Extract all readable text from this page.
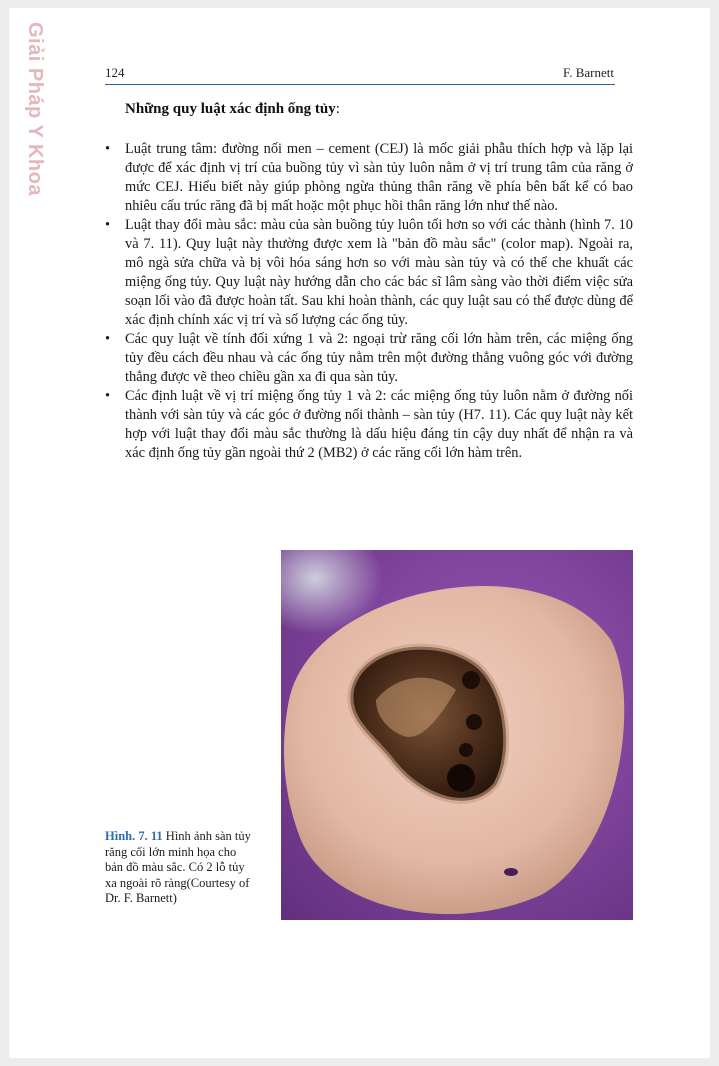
Giải Pháp Y Khoa	124	F. Barnett
Những quy luật xác định ống tủy:
• Luật trung tâm: đường nối men – cement (CEJ) là mốc giải phẫu thích hợp và lặp lại được để xác định vị trí của buồng tủy vì sàn tủy luôn nằm ở vị trí trung tâm của răng ở mức CEJ. Hiểu biết này giúp phòng ngừa thủng thân răng về phía bên bất kể có bao nhiêu cấu trúc răng đã bị mất hoặc một phục hồi thân răng lớn như thế nào.
• Luật thay đổi màu sắc: màu của sàn buồng tủy luôn tối hơn so với các thành (hình 7. 10 và 7. 11). Quy luật này thường được xem là "bản đồ màu sắc" (color map). Ngoài ra, mô ngà sửa chữa và bị vôi hóa sáng hơn so với màu sàn tủy và có thể che khuất các miệng ống tủy. Quy luật này hướng dẫn cho các bác sĩ lâm sàng vào thời điểm việc sửa soạn lối vào đã được hoàn tất. Sau khi hoàn thành, các quy luật sau có thể được dùng để xác định chính xác vị trí và số lượng các ống tủy.
• Các quy luật về tính đối xứng 1 và 2: ngoại trừ răng cối lớn hàm trên, các miệng ống tủy đều cách đều nhau và các ống tủy nằm trên một đường thẳng vuông góc với đường thẳng được vẽ theo chiều gần xa đi qua sàn tủy.
• Các định luật về vị trí miệng ống tủy 1 và 2: các miệng ống tủy luôn nằm ở đường nối thành với sàn tủy và các góc ở đường nối thành – sàn tủy (H7. 11). Các quy luật này kết hợp với luật thay đổi màu sắc thường là dấu hiệu đáng tin cậy duy nhất để nhận ra và xác định ống tủy gần ngoài thứ 2 (MB2) ở các răng cối lớn hàm trên.
Hình. 7. 11 Hình ảnh sàn tủy răng cối lớn minh họa cho bản đồ màu sắc. Có 2 lỗ tủy xa ngoài rõ ràng(Courtesy of Dr. F. Barnett)
